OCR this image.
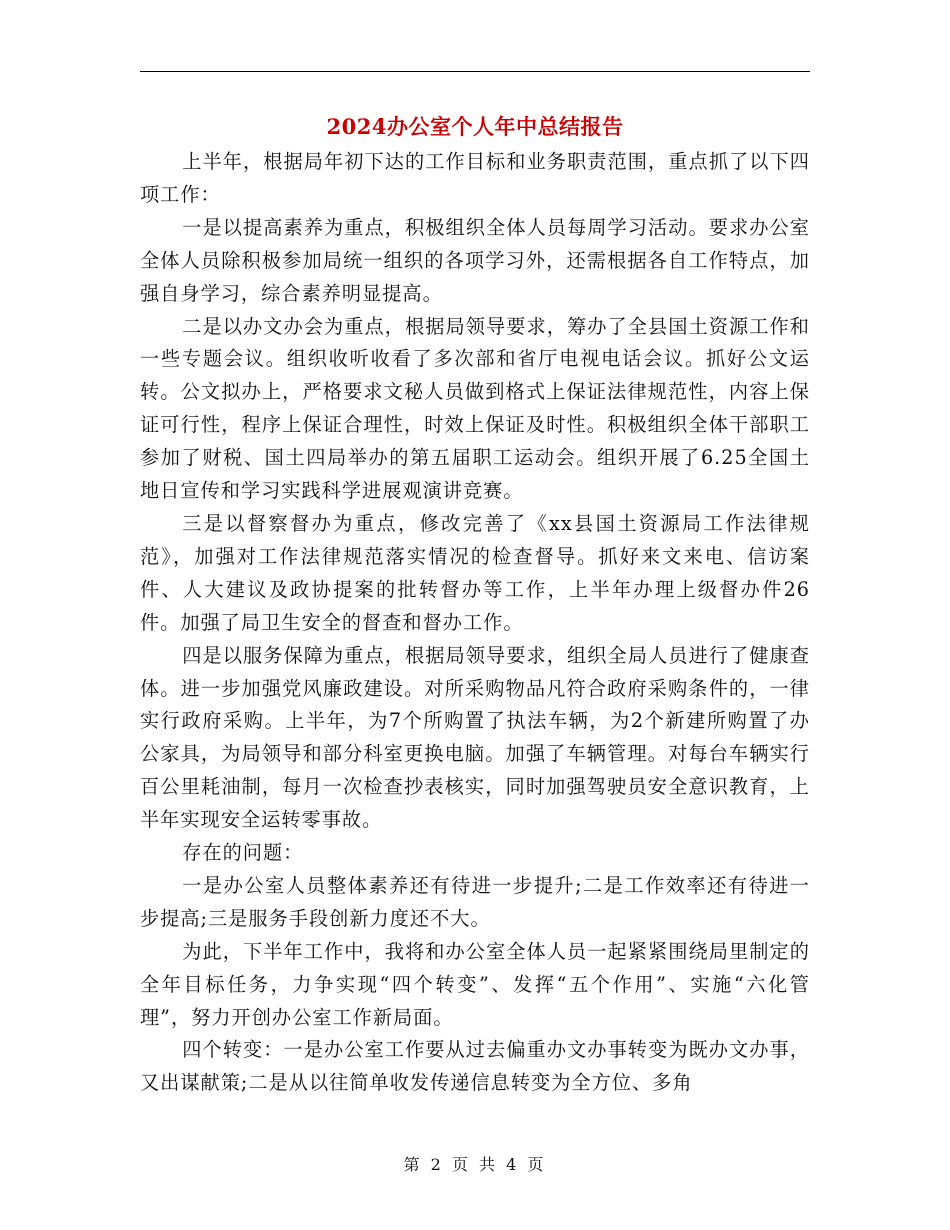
2024办公室个人年中总结报告

上半年，根据局年初下达的工作目标和业务职责范围，重点抓了以下四项工作：

一是以提高素养为重点，积极组织全体人员每周学习活动。要求办公室全体人员除积极参加局统一组织的各项学习外，还需根据各自工作特点，加强自身学习，综合素养明显提高。

二是以办文办会为重点，根据局领导要求，筹办了全县国土资源工作和一些专题会议。组织收听收看了多次部和省厅电视电话会议。抓好公文运转。公文拟办上，严格要求文秘人员做到格式上保证法律规范性，内容上保证可行性，程序上保证合理性，时效上保证及时性。积极组织全体干部职工参加了财税、国土四局举办的第五届职工运动会。组织开展了6.25全国土地日宣传和学习实践科学进展观演讲竞赛。

三是以督察督办为重点，修改完善了《xx县国土资源局工作法律规范》，加强对工作法律规范落实情况的检查督导。抓好来文来电、信访案件、人大建议及政协提案的批转督办等工作，上半年办理上级督办件26件。加强了局卫生安全的督查和督办工作。

四是以服务保障为重点，根据局领导要求，组织全局人员进行了健康查体。进一步加强党风廉政建设。对所采购物品凡符合政府采购条件的，一律实行政府采购。上半年，为7个所购置了执法车辆，为2个新建所购置了办公家具，为局领导和部分科室更换电脑。加强了车辆管理。对每台车辆实行百公里耗油制，每月一次检查抄表核实，同时加强驾驶员安全意识教育，上半年实现安全运转零事故。

存在的问题：

一是办公室人员整体素养还有待进一步提升;二是工作效率还有待进一步提高;三是服务手段创新力度还不大。

为此，下半年工作中，我将和办公室全体人员一起紧紧围绕局里制定的全年目标任务，力争实现“四个转变”、发挥“五个作用”、实施“六化管理”，努力开创办公室工作新局面。

四个转变：一是办公室工作要从过去偏重办文办事转变为既办文办事，又出谋献策;二是从以往简单收发传递信息转变为全方位、多角

第 2 页 共 4 页
